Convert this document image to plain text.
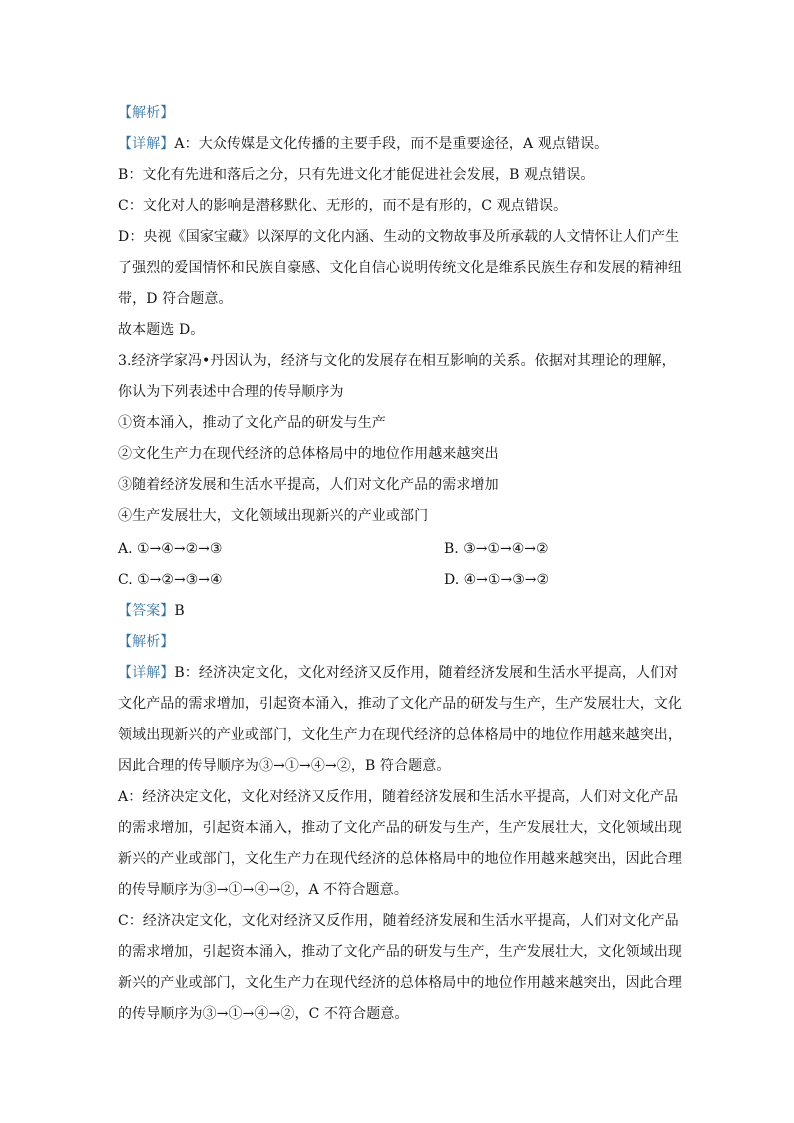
【解析】
【详解】A：大众传媒是文化传播的主要手段，而不是重要途径，A 观点错误。
B：文化有先进和落后之分，只有先进文化才能促进社会发展，B 观点错误。
C：文化对人的影响是潜移默化、无形的，而不是有形的，C 观点错误。
D：央视《国家宝藏》以深厚的文化内涵、生动的文物故事及所承载的人文情怀让人们产生
了强烈的爱国情怀和民族自豪感、文化自信心说明传统文化是维系民族生存和发展的精神纽
带，D 符合题意。
故本题选 D。
3.经济学家冯•丹因认为，经济与文化的发展存在相互影响的关系。依据对其理论的理解，
你认为下列表述中合理的传导顺序为
①资本涌入，推动了文化产品的研发与生产
②文化生产力在现代经济的总体格局中的地位作用越来越突出
③随着经济发展和生活水平提高，人们对文化产品的需求增加
④生产发展壮大，文化领域出现新兴的产业或部门
A. ①→④→②→③	B. ③→①→④→②
C. ①→②→③→④	D. ④→①→③→②
【答案】B
【解析】
【详解】B：经济决定文化，文化对经济又反作用，随着经济发展和生活水平提高，人们对
文化产品的需求增加，引起资本涌入，推动了文化产品的研发与生产，生产发展壮大，文化
领域出现新兴的产业或部门，文化生产力在现代经济的总体格局中的地位作用越来越突出，
因此合理的传导顺序为③→①→④→②，B 符合题意。
A：经济决定文化，文化对经济又反作用，随着经济发展和生活水平提高，人们对文化产品
的需求增加，引起资本涌入，推动了文化产品的研发与生产，生产发展壮大，文化领域出现
新兴的产业或部门，文化生产力在现代经济的总体格局中的地位作用越来越突出，因此合理
的传导顺序为③→①→④→②，A 不符合题意。
C：经济决定文化，文化对经济又反作用，随着经济发展和生活水平提高，人们对文化产品
的需求增加，引起资本涌入，推动了文化产品的研发与生产，生产发展壮大，文化领域出现
新兴的产业或部门，文化生产力在现代经济的总体格局中的地位作用越来越突出，因此合理
的传导顺序为③→①→④→②，C 不符合题意。
